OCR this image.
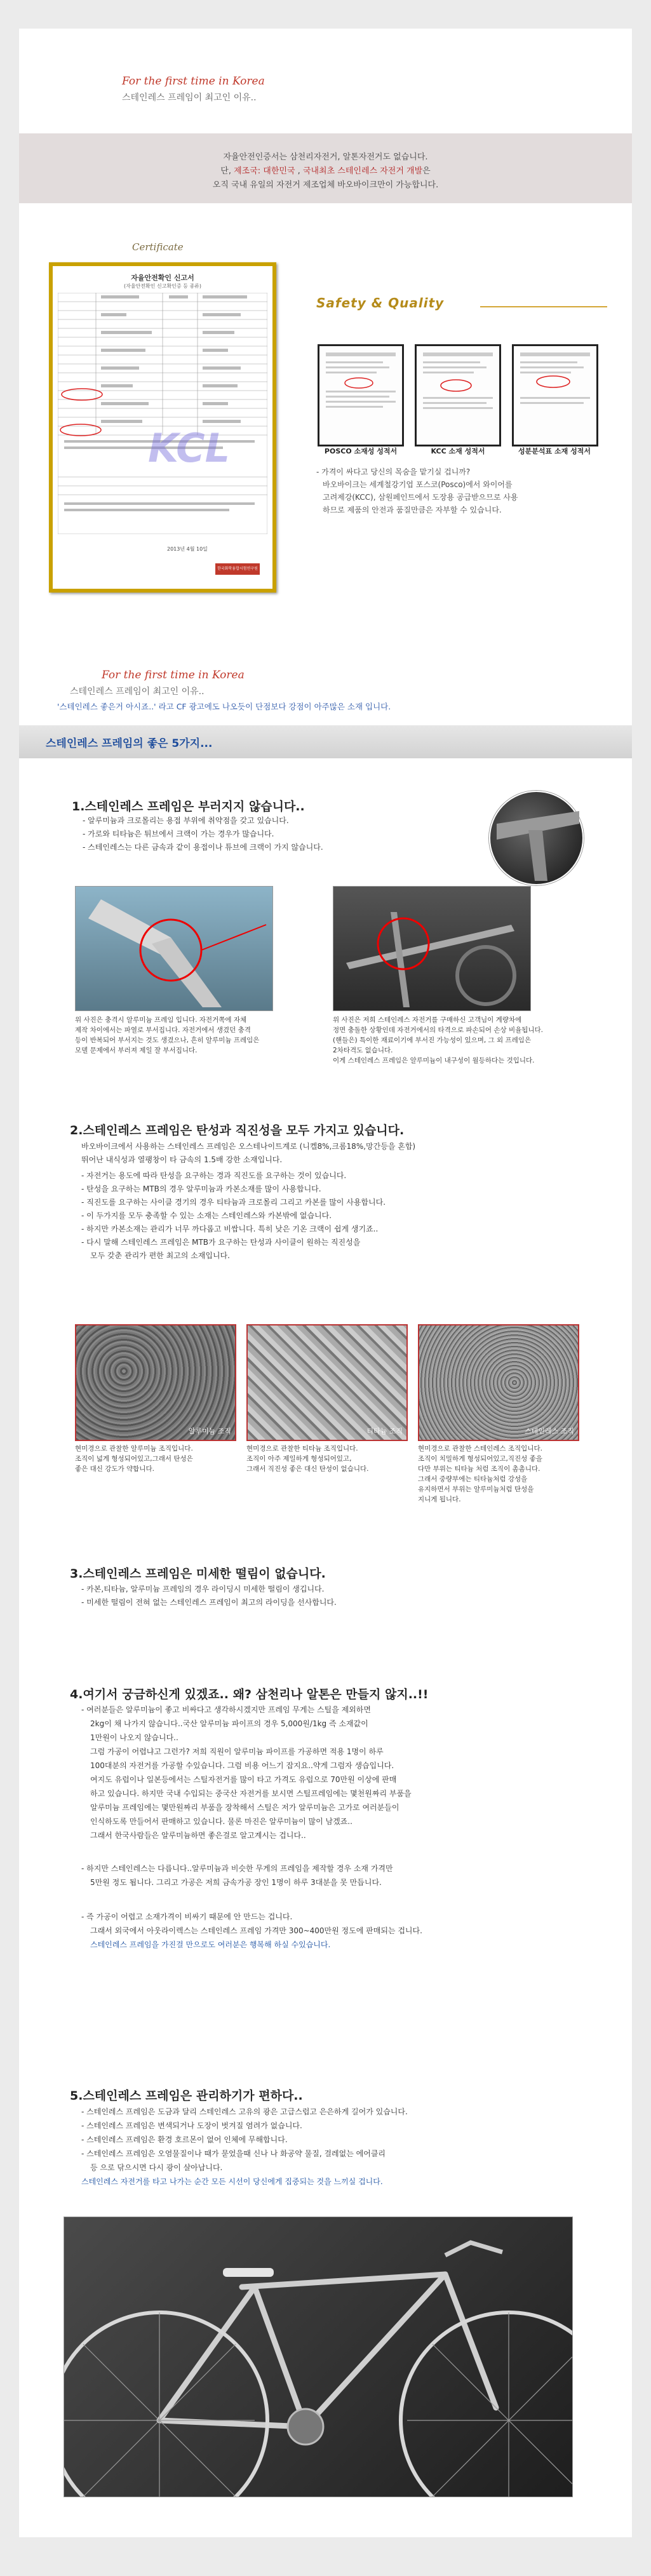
For the first time in Korea
스테인레스 프레임이 최고인 이유..

자율안전인증서는 삼천리자전거, 알톤자전거도 없습니다.

단, 제조국: 대한민국 , 국내최초 스테인레스 자전거 개발은

오직 국내 유일의 자전거 제조업체 바오바이크만이 가능합니다.

Certificate
자율안전확인 신고서
(자율안전확인 신고확인증 등 종류)
KCL
2013년 4월 10일
한국화학융합시험연구원
Safety & Quality
POSCO 소재성 성적서	KCC 소재 성적서	성분분석표 소재 성적서
- 가격이 싸다고 당신의 목숨을 맡기실 겁니까?
바오바이크는 세계철강기업 포스코(Posco)에서 와이어를
고려제강(KCC), 삼원페인트에서 도장용 공급받으므로 사용
하므로 제품의 안전과 품질만큼은 자부할 수 있습니다.
For the first time in Korea
스테인레스 프레임이 최고인 이유..
'스테인레스 좋은거 아시죠..' 라고 CF 광고에도 나오듯이 단점보다 강점이 아주많은 소재 입니다.
스테인레스 프레임의 좋은 5가지...
1.스테인레스 프레임은 부러지지 않습니다..
- 알루미늄과 크로몰리는 용접 부위에 취약점을 갖고 있습니다.
- 가로와 티타늄은 튀브에서 크랙이 가는 경우가 많습니다.
- 스테인레스는 다른 금속과 같이 용접이나 튜브에 크랙이 가지 않습니다.
위 사진은 충격시 알루미늄 프레임 입니다. 자전거쪽에 자체
제작 차이에서는 파열로 부서집니다. 자전거에서 생겼던 충격
등이 반복되어 부서지는 것도 생겼으나, 흔히 알루미늄 프레임은
모델 문제에서 부러져 제일 잘 부서집니다.
위 사진은 저희 스테인레스 자전거를 구매하신 고객님이 계량차에
정면 충돌한 상황인데 자전거에서의 타격으로 파손되어 손상 비율됩니다.
(핸들은) 특이한 재료이기에 부서진 가능성이 있으며, 그 외 프레임은
2차타격도 없습니다.
이게 스테인레스 프레임은 알루미늄이 내구성이 월등하다는 것입니다.
2.스테인레스 프레임은 탄성과 직진성을 모두 가지고 있습니다.
바오바이크에서 사용하는 스테인레스 프레임은 오스테나이트계로 (니켈8%,크롬18%,망간등을 혼합)
뛰어난 내식성과 열팽창이 타 금속의 1.5배 강한 소재입니다.
- 자전거는 용도에 따라 탄성을 요구하는 경과 직진도를 요구하는 것이 있습니다.
- 탄성을 요구하는 MTB의 경우 알루미늄과 카본소재를 많이 사용합니다.
- 직진도를 요구하는 사이클 경기의 경우 티타늄과 크로몰리 그리고 카본를 많이 사용합니다.
- 이 두가지를 모두 충족할 수 있는 소재는 스테인레스와 카본밖에 없습니다.
- 하지만 카본소재는 관리가 너무 까다롭고 비쌉니다. 특히 낮은 기온 크랙이 쉽게 생기죠..
- 다시 말해 스테인레스 프레임은 MTB가 요구하는 탄성과 사이클이 원하는 직진성을
모두 갖춘 관리가 편한 최고의 소재입니다.
알루미늄 조직	티타늄 조직	스테인레스 조직
현미경으로 관찰한 알루미늄 조직입니다.
조직이 넓게 형성되어있고,그래서 탄성은
좋은 대신 강도가 약합니다.
현미경으로 관찰한 티타늄 조직입니다.
조직이 아주 제일하게 형성되어있고,
그래서 직진성 좋은 대신 탄성이 없습니다.
현미경으로 관찰한 스테인레스 조직입니다.
조직이 치밀하게 형성되어있고,직진성 좋을
다만 부위는 티타늄 처럼 조직이 촘촘니다.
그래서 중량부에는 티타늄처럼 강성을
유지하면서 부위는 알루미늄처럼 탄성을
지니게 됩니다.
3.스테인레스 프레임은 미세한 떨림이 없습니다.
- 카본,티타늄, 알루미늄 프레임의 경우 라이딩시 미세한 떨림이 생깁니다.
- 미세한 떨림이 전혀 없는 스테인레스 프레임이 최고의 라이딩을 선사합니다.
4.여기서 궁금하신게 있겠죠.. 왜? 삼천리나 알톤은 만들지 않지..!!
- 여러분들은 알루미늄이 좋고 비싸다고 생각하시겠지만 프레임 무게는 스틸을 제외하면
2kg이 채 나가지 않습니다..국산 알루미늄 파이프의 경우 5,000원/1kg 즉 소재값이
1만원이 나오지 않습니다..
그럼 가공이 어렵냐고 그런가? 저희 직원이 알루미늄 파이프를 가공하면 적용 1명이 하루
100대분의 자전거를 가공할 수있습니다. 그럼 비용 어느기 잡지요..약게 그럼자 생습입니다.
여지도 유럽이나 일본등에서는 스틸자전거를 많이 타고 가격도 유럽으로 70만원 이상에 판매
하고 있습니다. 하지만 국내 수입되는 중국산 자전거를 보시면 스틸프레임에는 몇천원짜리 부품을
알루미늄 프레임에는 몇만원짜리 부품을 장착해서 스틸은 저가 알루미늄은 고가로 여러분들이
인식하도록 만들어서 판매하고 있습니다. 물론 마진은 알루미늄이 많이 남겠죠..
그래서 한국사람들은 알루미늄하면 좋은걸로 알고계시는 겁니다..
- 하지만 스테인레스는 다릅니다..알루미늄과 비슷한 무게의 프레임을 제작할 경우 소재 가격만
5만원 정도 됩니다. 그리고 가공은 저희 금속가공 장인 1명이 하루 3대분을 못 만듭니다.
- 즉 가공이 어렵고 소재가격이 비싸기 때문에 안 만드는 겁니다.
그래서 외국에서 아웃라이렉스는 스테인레스 프레임 가격만 300~400만원 정도에 판매되는 겁니다.
스테인레스 프레임을 가진걸 만으로도 여러분은 행복해 하실 수있습니다.
5.스테인레스 프레임은 관리하기가 편하다..
- 스테인레스 프레임은 도금과 달리 스테인레스 고유의 광은 고급스럽고 은은하게 길어가 있습니다.
- 스테인레스 프레임은 변색되거나 도장이 벗겨질 염려가 없습니다.
- 스테인레스 프레임은 환경 호르몬이 없어 인체에 무해합니다.
- 스테인레스 프레임은 오염물질이나 때가 묻었을때 신나 나 화공약 물질, 걸레없는 에어클리
등 으로 닦으시면 다시 광이 살아납니다.
스테인레스 자전거를 타고 나가는 순간 모든 시선이 당신에게 집중되는 것을 느끼실 겁니다.
